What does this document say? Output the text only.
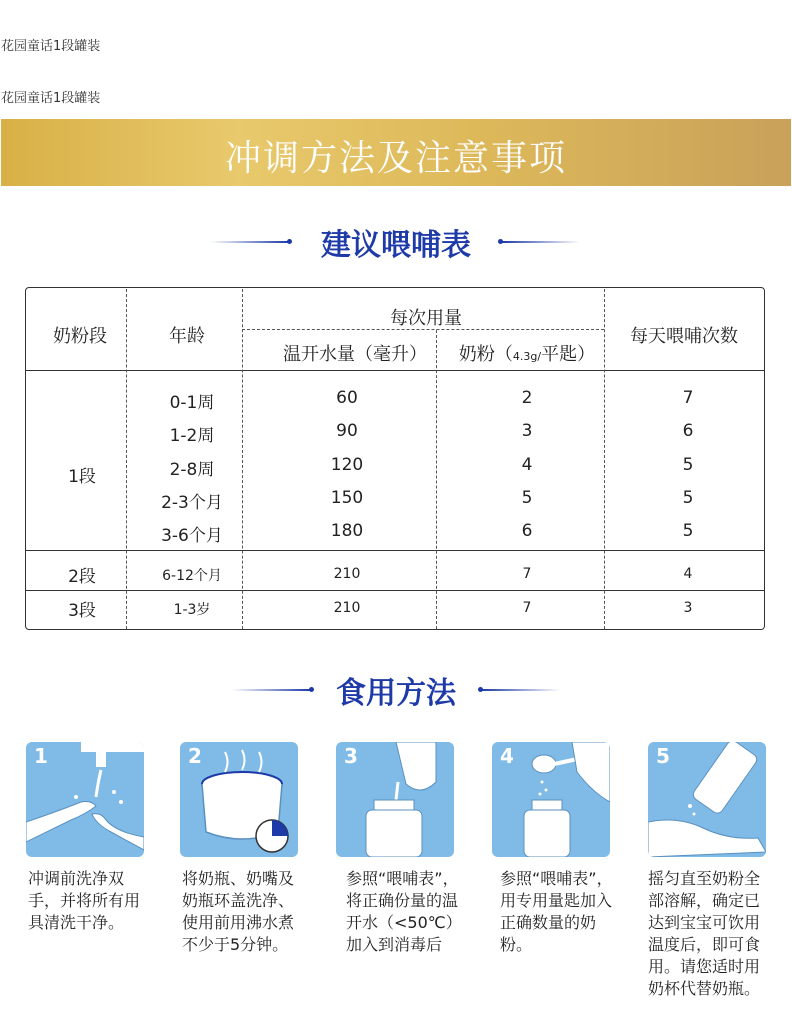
花园童话1段罐装
花园童话1段罐装
冲调方法及注意事项
建议喂哺表
奶粉段	年龄
每次用量
温开水量（毫升） 奶粉（4.3g/平匙）
每天喂哺次数
1段
0-1周	60	2	7
1-2周	90	3	6
2-8周	120	4	5
2-3个月	150	5	5
3-6个月	180	6	5
2段	6-12个月	210	7	4
3段	1-3岁	210	7	3
食用方法
1
冲调前洗净双手，并将所有用具清洗干净。
2
将奶瓶、奶嘴及奶瓶环盖洗净、使用前用沸水煮不少于5分钟。
3
参照“喂哺表”，将正确份量的温开水（<50℃）加入到消毒后
4
参照“喂哺表”，用专用量匙加入正确数量的奶粉。
5
摇匀直至奶粉全部溶解，确定已达到宝宝可饮用温度后，即可食用。请您适时用奶杯代替奶瓶。
